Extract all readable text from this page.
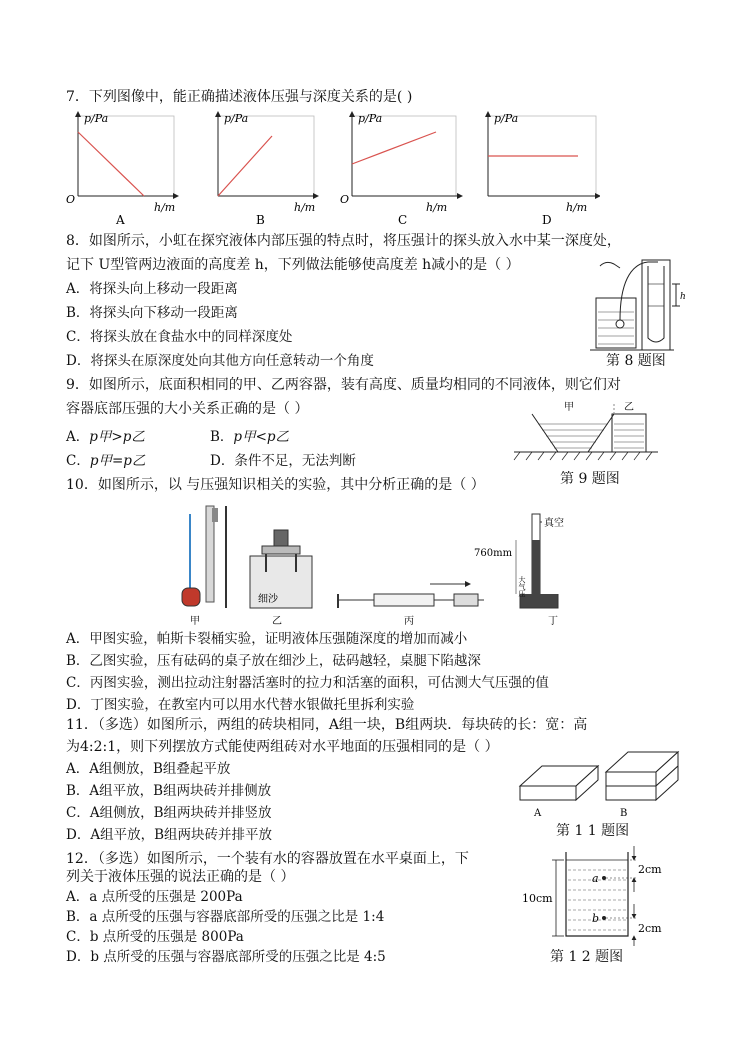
7．下列图像中，能正确描述液体压强与深度关系的是( )
p/Pa
O
h/m
A
p/Pa
h/m
B
p/Pa
O
h/m
C
p/Pa
h/m
D
8．如图所示，小虹在探究液体内部压强的特点时，将压强计的探头放入水中某一深度处，
记下 U型管两边液面的高度差 h，下列做法能够使高度差 h减小的是（ ）
A．将探头向上移动一段距离
B．将探头向下移动一段距离
C．将探头放在食盐水中的同样深度处
D．将探头在原深度处向其他方向任意转动一个角度
h
第 8 题图
9．如图所示，底面积相同的甲、乙两容器，装有高度、质量均相同的不同液体，则它们对
容器底部压强的大小关系正确的是（ ）
A．p甲>p乙	B．p甲<p乙
C．p甲=p乙	D．条件不足，无法判断
甲	乙
第 9 题图
10．如图所示，以 与压强知识相关的实验，其中分析正确的是（ ）
甲
细沙
乙	丙
真空
760mm
大气压
丁
A．甲图实验，帕斯卡裂桶实验，证明液体压强随深度的增加而减小
B．乙图实验，压有砝码的桌子放在细沙上，砝码越轻，桌腿下陷越深
C．丙图实验，测出拉动注射器活塞时的拉力和活塞的面积，可估测大气压强的值
D．丁图实验，在教室内可以用水代替水银做托里拆利实验
11．（多选）如图所示，两组的砖块相同，A组一块，B组两块．每块砖的长：宽：高
为4:2:1，则下列摆放方式能使两组砖对水平地面的压强相同的是（ ）
A．A组侧放，B组叠起平放
B．A组平放，B组两块砖并排侧放
C．A组侧放，B组两块砖并排竖放
D．A组平放，B组两块砖并排平放
A	B
第 1 1 题图
12．（多选）如图所示，一个装有水的容器放置在水平桌面上，下
列关于液体压强的说法正确的是（ ）
A．a 点所受的压强是 200Pa
B．a 点所受的压强与容器底部所受的压强之比是 1:4
C．b 点所受的压强是 800Pa
D．b 点所受的压强与容器底部所受的压强之比是 4:5
a
b
10cm
2cm
2cm
第 1 2 题图
